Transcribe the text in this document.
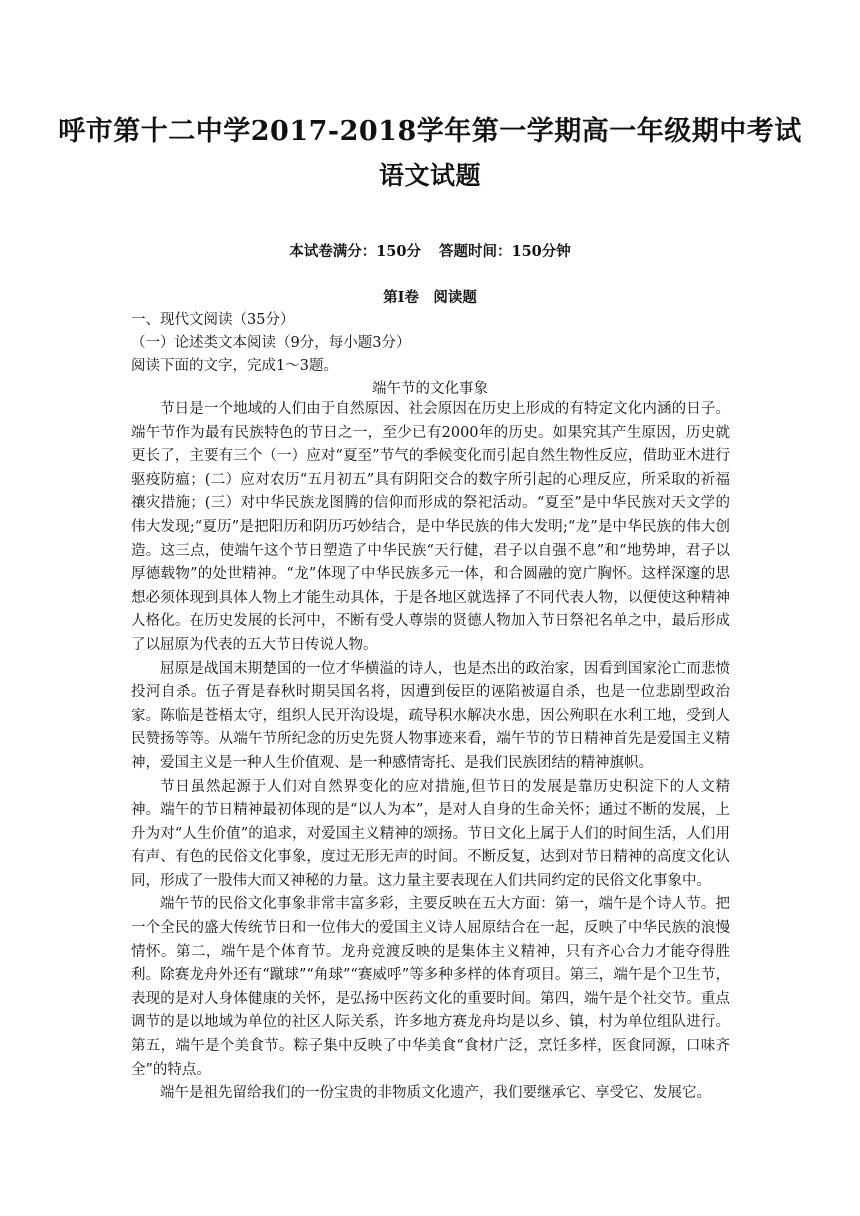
呼市第十二中学2017-2018学年第一学期高一年级期中考试
语文试题
本试卷满分：150分 答题时间：150分钟
第Ⅰ卷　阅读题
一、现代文阅读（35分）
（一）论述类文本阅读（9分，每小题3分）
阅读下面的文字，完成1～3题。
端午节的文化事象

节日是一个地域的人们由于自然原因、社会原因在历史上形成的有特定文化内涵的日子。端午节作为最有民族特色的节日之一，至少已有2000年的历史。如果究其产生原因，历史就更长了，主要有三个（一）应对“夏至”节气的季候变化而引起自然生物性反应，借助亚木进行驱疫防瘟；(二）应对农历“五月初五”具有阴阳交合的数字所引起的心理反应，所采取的祈福禳灾措施；(三）对中华民族龙图腾的信仰而形成的祭祀活动。“夏至”是中华民族对天文学的伟大发现;“夏历”是把阳历和阴历巧妙结合，是中华民族的伟大发明;“龙”是中华民族的伟大创造。这三点，使端午这个节日塑造了中华民族“天行健，君子以自强不息”和“地势坤，君子以厚德载物”的处世精神。“龙”体现了中华民族多元一体，和合圆融的宽广胸怀。这样深邃的思想必须体现到具体人物上才能生动具体，于是各地区就选择了不同代表人物，以便使这种精神人格化。在历史发展的长河中，不断有受人尊崇的贤德人物加入节日祭祀名单之中，最后形成了以屈原为代表的五大节日传说人物。

屈原是战国末期楚国的一位才华横溢的诗人，也是杰出的政治家，因看到国家沦亡而悲愤投河自杀。伍子胥是春秋时期吴国名将，因遭到佞臣的诬陷被逼自杀，也是一位悲剧型政治家。陈临是苍梧太守，组织人民开沟设堤，疏导积水解决水患，因公殉职在水利工地，受到人民赞扬等等。从端午节所纪念的历史先贤人物事迹来看，端午节的节日精神首先是爱国主义精神，爱国主义是一种人生价值观、是一种感情寄托、是我们民族团结的精神旗帜。

节日虽然起源于人们对自然界变化的应对措施,但节日的发展是靠历史积淀下的人文精神。端午的节日精神最初体现的是“以人为本”，是对人自身的生命关怀；通过不断的发展，上升为对“人生价值”的追求，对爱国主义精神的颂扬。节日文化上属于人们的时间生活，人们用有声、有色的民俗文化事象，度过无形无声的时间。不断反复，达到对节日精神的高度文化认同，形成了一股伟大而又神秘的力量。这力量主要表现在人们共同约定的民俗文化事象中。

端午节的民俗文化事象非常丰富多彩，主要反映在五大方面：第一，端午是个诗人节。把一个全民的盛大传统节日和一位伟大的爱国主义诗人屈原结合在一起，反映了中华民族的浪慢情怀。第二，端午是个体育节。龙舟竞渡反映的是集体主义精神，只有齐心合力才能夺得胜利。除赛龙舟外还有“蹴球”“角球”“赛威呼”等多种多样的体育项目。第三，端午是个卫生节，表现的是对人身体健康的关怀，是弘扬中医药文化的重要时间。第四，端午是个社交节。重点调节的是以地域为单位的社区人际关系，许多地方赛龙舟均是以乡、镇，村为单位组队进行。第五，端午是个美食节。粽子集中反映了中华美食“食材广泛，烹饪多样，医食同源，口味齐全”的特点。

端午是祖先留给我们的一份宝贵的非物质文化遗产，我们要继承它、享受它、发展它。
